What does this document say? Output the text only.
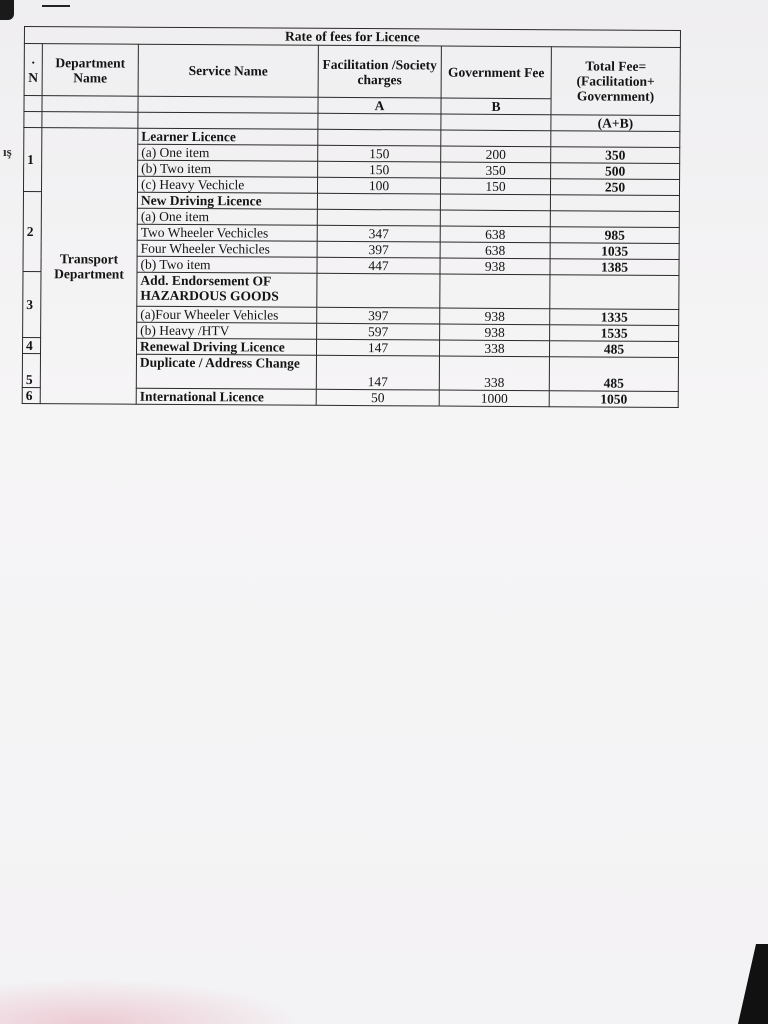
ış
Rate of fees for Licence					
· N	Department Name	Service Name	Facilitation /Society charges	Government Fee	Total Fee= (Facilitation+ Government)
			A	B	
					(A+B)
1	Transport Department	Learner Licence			
		(a) One item	150	200	350
		(b) Two item	150	350	500
		(c) Heavy Vechicle	100	150	250
2		New Driving Licence			
		(a) One item			
		Two Wheeler Vechicles	347	638	985
		Four Wheeler Vechicles	397	638	1035
		(b) Two item	447	938	1385
3		Add. Endorsement OF HAZARDOUS GOODS			
		(a)Four Wheeler Vehicles	397	938	1335
		(b) Heavy /HTV	597	938	1535
4		Renewal Driving Licence	147	338	485
5		Duplicate / Address Change	147	338	485
6		International Licence	50	1000	1050
